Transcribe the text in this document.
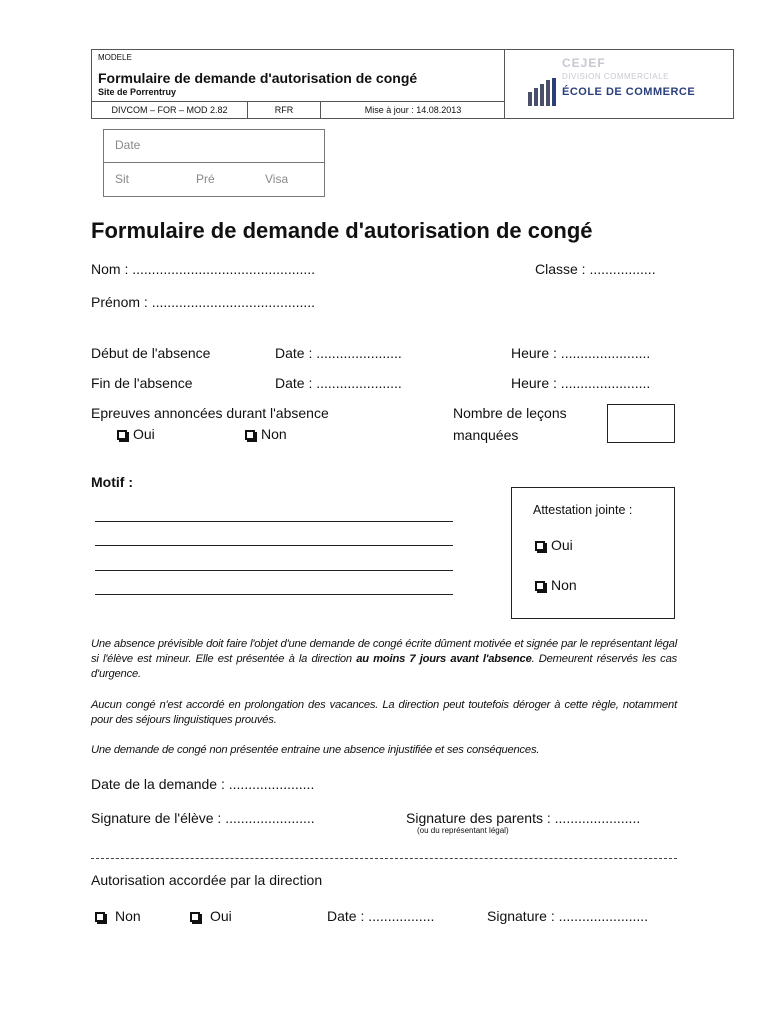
MODELE
Formulaire de demande d'autorisation de congé
Site de Porrentruy
DIVCOM – FOR – MOD 2.82	RFR	Mise à jour : 14.08.2013
CEJEF
DIVISION COMMERCIALE
ÉCOLE DE COMMERCE
Date
Sit	Pré	Visa
Formulaire de demande d'autorisation de congé
Nom : ...............................................	Classe : .................
Prénom : ..........................................
Début de l'absence	Date : ......................	Heure : .......................
Fin de l'absence	Date : ......................	Heure : .......................
Epreuves annoncées durant l'absence
Oui	Non
Nombre de leçons
manquées
Motif :
Attestation jointe :
Oui
Non
Une absence prévisible doit faire l'objet d'une demande de congé écrite dûment motivée et signée par le représentant légal si l'élève est mineur. Elle est présentée à la direction au moins 7 jours avant l'absence. Demeurent réservés les cas d'urgence.
Aucun congé n'est accordé en prolongation des vacances. La direction peut toutefois déroger à cette règle, notamment pour des séjours linguistiques prouvés.
Une demande de congé non présentée entraine une absence injustifiée et ses conséquences.
Date de la demande : ......................
Signature de l'élève : .......................	Signature des parents : ......................
(ou du représentant légal)
Autorisation accordée par la direction
Non	Oui	Date : .................	Signature : .......................
